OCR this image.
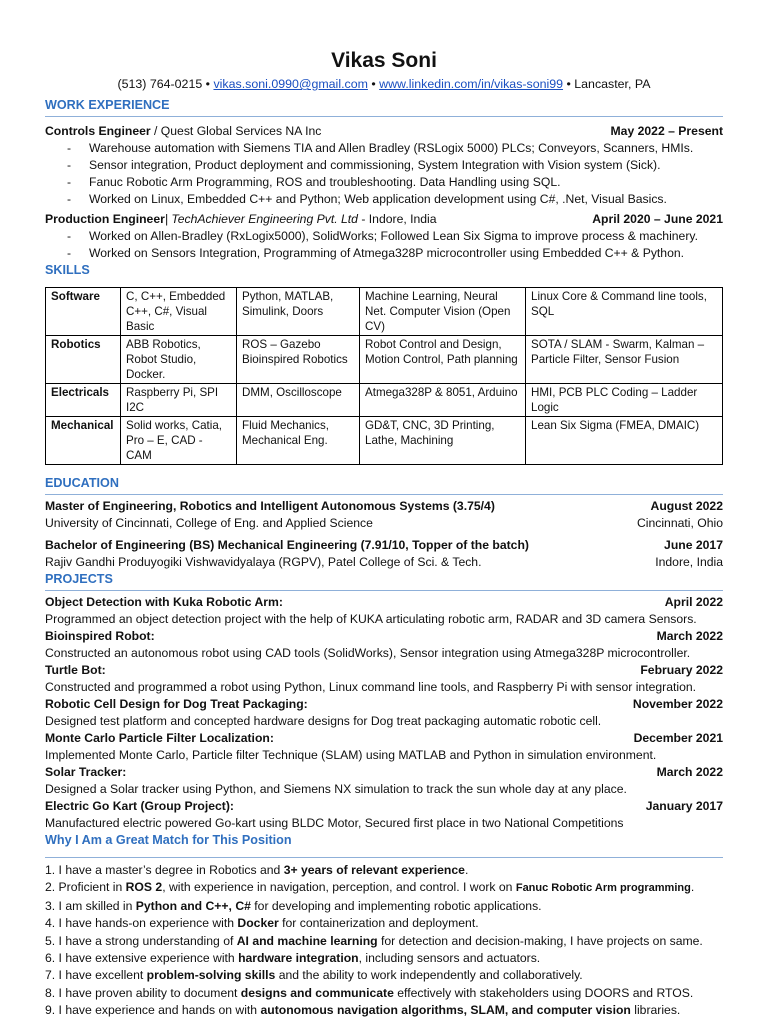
Vikas Soni
(513) 764-0215 • vikas.soni.0990@gmail.com • www.linkedin.com/in/vikas-soni99 • Lancaster, PA
WORK EXPERIENCE
Controls Engineer / Quest Global Services NA Inc	May 2022 – Present
- Warehouse automation with Siemens TIA and Allen Bradley (RSLogix 5000) PLCs; Conveyors, Scanners, HMIs.
- Sensor integration, Product deployment and commissioning, System Integration with Vision system (Sick).
- Fanuc Robotic Arm Programming, ROS and troubleshooting. Data Handling using SQL.
- Worked on Linux, Embedded C++ and Python; Web application development using C#, .Net, Visual Basics.
Production Engineer| TechAchiever Engineering Pvt. Ltd - Indore, India	April 2020 – June 2021
- Worked on Allen-Bradley (RxLogix5000), SolidWorks; Followed Lean Six Sigma to improve process & machinery.
- Worked on Sensors Integration, Programming of Atmega328P microcontroller using Embedded C++ & Python.
SKILLS
Software	C, C++, Embedded C++, C#, Visual Basic	Python, MATLAB, Simulink, Doors	Machine Learning, Neural Net. Computer Vision (Open CV)	Linux Core & Command line tools, SQL
Robotics	ABB Robotics, Robot Studio, Docker.	ROS – Gazebo Bioinspired Robotics	Robot Control and Design, Motion Control, Path planning	SOTA / SLAM - Swarm, Kalman – Particle Filter, Sensor Fusion
Electricals	Raspberry Pi, SPI I2C	DMM, Oscilloscope	Atmega328P & 8051, Arduino	HMI, PCB PLC Coding – Ladder Logic
Mechanical	Solid works, Catia, Pro – E, CAD - CAM	Fluid Mechanics, Mechanical Eng.	GD&T, CNC, 3D Printing, Lathe, Machining	Lean Six Sigma (FMEA, DMAIC)
EDUCATION
Master of Engineering, Robotics and Intelligent Autonomous Systems (3.75/4)	August 2022
University of Cincinnati, College of Eng. and Applied Science	Cincinnati, Ohio
Bachelor of Engineering (BS) Mechanical Engineering (7.91/10, Topper of the batch)	June 2017
Rajiv Gandhi Produyogiki Vishwavidyalaya (RGPV), Patel College of Sci. & Tech.	Indore, India
PROJECTS
Object Detection with Kuka Robotic Arm:	April 2022
Programmed an object detection project with the help of KUKA articulating robotic arm, RADAR and 3D camera Sensors.
Bioinspired Robot:	March 2022
Constructed an autonomous robot using CAD tools (SolidWorks), Sensor integration using Atmega328P microcontroller.
Turtle Bot:	February 2022
Constructed and programmed a robot using Python, Linux command line tools, and Raspberry Pi with sensor integration.
Robotic Cell Design for Dog Treat Packaging:	November 2022
Designed test platform and concepted hardware designs for Dog treat packaging automatic robotic cell.
Monte Carlo Particle Filter Localization:	December 2021
Implemented Monte Carlo, Particle filter Technique (SLAM) using MATLAB and Python in simulation environment.
Solar Tracker:	March 2022
Designed a Solar tracker using Python, and Siemens NX simulation to track the sun whole day at any place.
Electric Go Kart (Group Project):	January 2017
Manufactured electric powered Go-kart using BLDC Motor, Secured first place in two National Competitions
Why I Am a Great Match for This Position
1. I have a master’s degree in Robotics and 3+ years of relevant experience.
2. Proficient in ROS 2, with experience in navigation, perception, and control. I work on Fanuc Robotic Arm programming.
3. I am skilled in Python and C++, C# for developing and implementing robotic applications.
4. I have hands-on experience with Docker for containerization and deployment.
5. I have a strong understanding of AI and machine learning for detection and decision-making, I have projects on same.
6. I have extensive experience with hardware integration, including sensors and actuators.
7. I have excellent problem-solving skills and the ability to work independently and collaboratively.
8. I have proven ability to document designs and communicate effectively with stakeholders using DOORS and RTOS.
9. I have experience and hands on with autonomous navigation algorithms, SLAM, and computer vision libraries.
